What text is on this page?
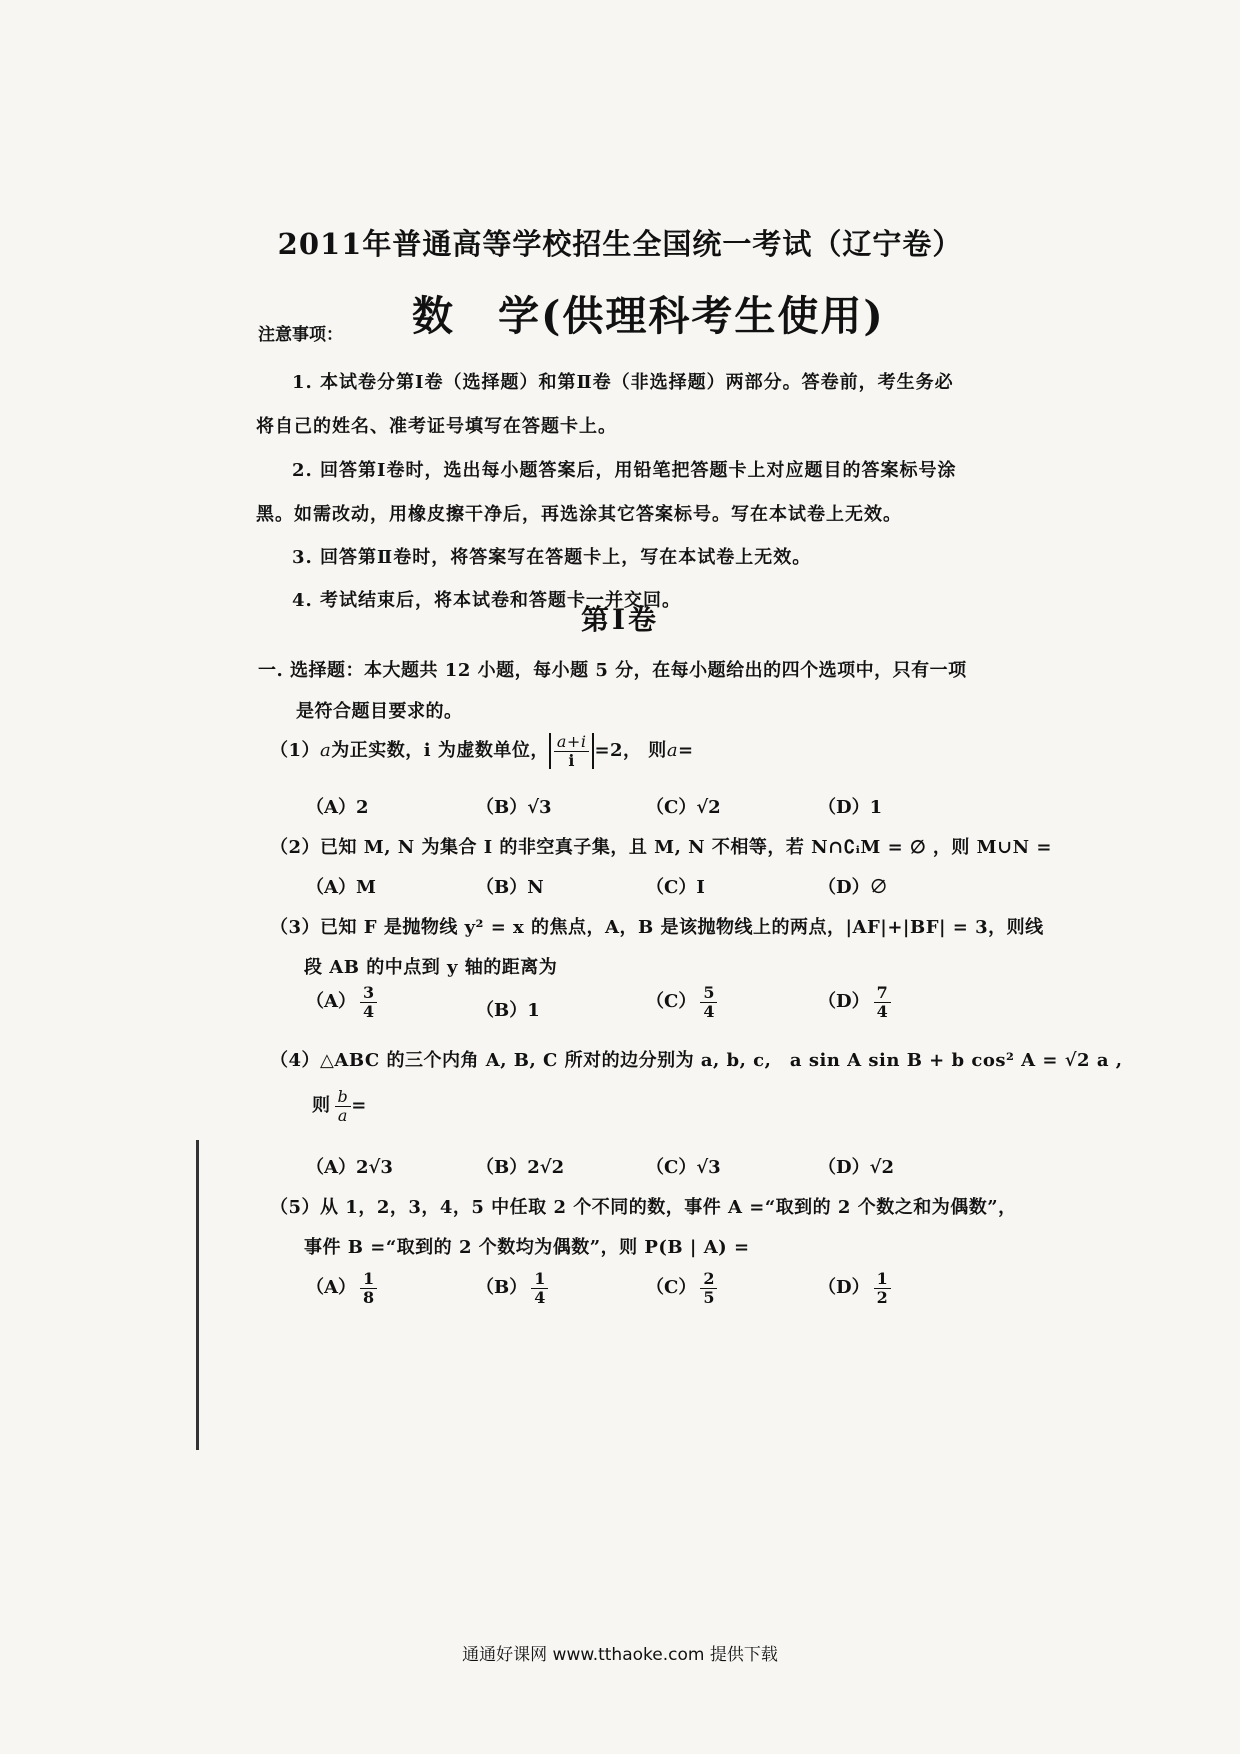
2011年普通高等学校招生全国统一考试（辽宁卷）
注意事项： 数　学(供理科考生使用)
1. 本试卷分第Ⅰ卷（选择题）和第Ⅱ卷（非选择题）两部分。答卷前，考生务必
将自己的姓名、准考证号填写在答题卡上。
2. 回答第Ⅰ卷时，选出每小题答案后，用铅笔把答题卡上对应题目的答案标号涂
黑。如需改动，用橡皮擦干净后，再选涂其它答案标号。写在本试卷上无效。
3. 回答第Ⅱ卷时，将答案写在答题卡上，写在本试卷上无效。
4. 考试结束后，将本试卷和答题卡一并交回。
第Ⅰ卷
一. 选择题：本大题共 12 小题，每小题 5 分，在每小题给出的四个选项中，只有一项
是符合题目要求的。
（1）a为正实数，i 为虚数单位， $\frac{a+i}{i} =2$， 则a=
（A）2	（B）√3	（C）√2	（D）1
（2）已知 M, N 为集合 I 的非空真子集，且 M, N 不相等，若 N∩∁ᵢM = ∅ ，则 M∪N =
（A）M	（B）N	（C）I	（D）∅
（3）已知 F 是抛物线 y² = x 的焦点，A，B 是该抛物线上的两点，|AF|+|BF| = 3，则线
段 AB 的中点到 y 轴的距离为
$(A) \frac{3}{4}$	（B）1	$(C) \frac{5}{4}$	$(D) \frac{7}{4}$
（4）△ABC 的三个内角 A, B, C 所对的边分别为 a, b, c,　a sin A sin B + b cos² A = √2 a ,
则 $\frac{b}{a}$ =
（A）2√3	（B）2√2	（C）√3	（D）√2
（5）从 1，2，3，4，5 中任取 2 个不同的数，事件 A =“取到的 2 个数之和为偶数”，
事件 B =“取到的 2 个数均为偶数”，则 P(B | A) =
$(A) \frac{1}{8}$	$(B) \frac{1}{4}$	$(C) \frac{2}{5}$	$(D) \frac{1}{2}$
通通好课网 www.tthaoke.com 提供下载
